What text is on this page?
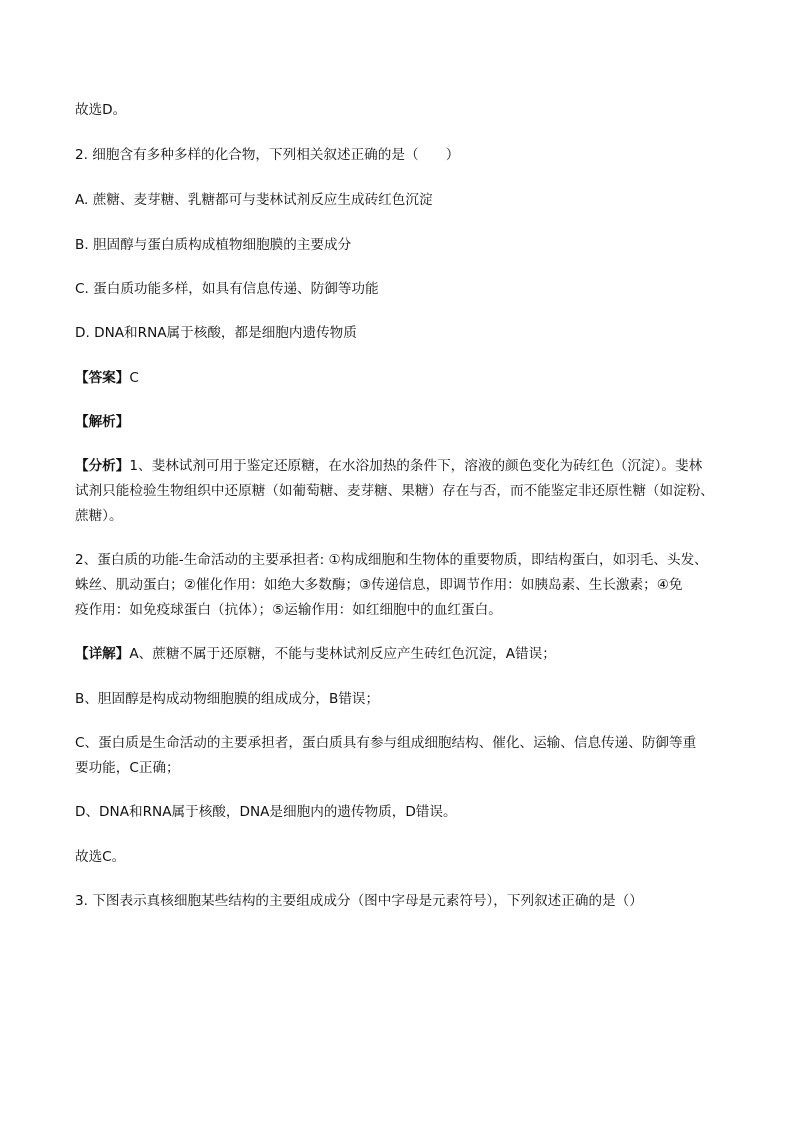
故选D。
2. 细胞含有多种多样的化合物，下列相关叙述正确的是（　　）
A. 蔗糖、麦芽糖、乳糖都可与斐林试剂反应生成砖红色沉淀
B. 胆固醇与蛋白质构成植物细胞膜的主要成分
C. 蛋白质功能多样，如具有信息传递、防御等功能
D. DNA和RNA属于核酸，都是细胞内遗传物质
【答案】C
【解析】
【分析】1、斐林试剂可用于鉴定还原糖，在水浴加热的条件下，溶液的颜色变化为砖红色（沉淀）。斐林
试剂只能检验生物组织中还原糖（如葡萄糖、麦芽糖、果糖）存在与否，而不能鉴定非还原性糖（如淀粉、
蔗糖）。
2、蛋白质的功能-生命活动的主要承担者: ①构成细胞和生物体的重要物质，即结构蛋白，如羽毛、头发、
蛛丝、肌动蛋白；②催化作用：如绝大多数酶；③传递信息，即调节作用：如胰岛素、生长激素；④免
疫作用：如免疫球蛋白（抗体）；⑤运输作用：如红细胞中的血红蛋白。
【详解】A、蔗糖不属于还原糖，不能与斐林试剂反应产生砖红色沉淀，A错误；
B、胆固醇是构成动物细胞膜的组成成分，B错误；
C、蛋白质是生命活动的主要承担者，蛋白质具有参与组成细胞结构、催化、运输、信息传递、防御等重
要功能，C正确；
D、DNA和RNA属于核酸，DNA是细胞内的遗传物质，D错误。
故选C。
3. 下图表示真核细胞某些结构的主要组成成分（图中字母是元素符号），下列叙述正确的是（）
